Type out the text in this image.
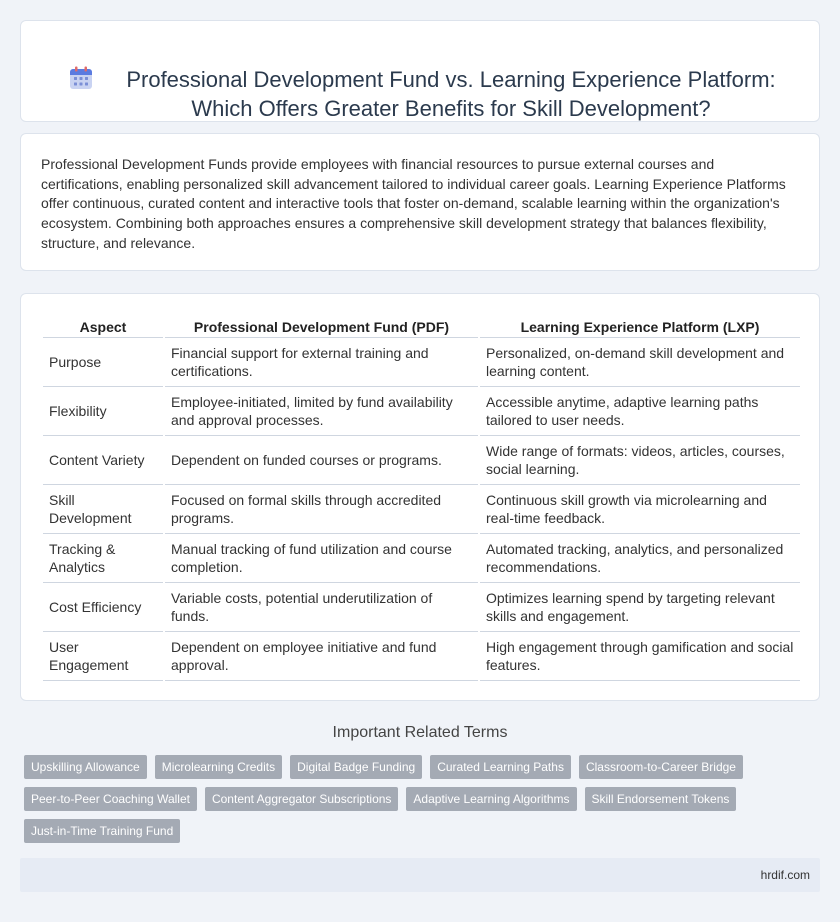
Professional Development Fund vs. Learning Experience Platform: Which Offers Greater Benefits for Skill Development?

Professional Development Funds provide employees with financial resources to pursue external courses and certifications, enabling personalized skill advancement tailored to individual career goals. Learning Experience Platforms offer continuous, curated content and interactive tools that foster on-demand, scalable learning within the organization's ecosystem. Combining both approaches ensures a comprehensive skill development strategy that balances flexibility, structure, and relevance.

Aspect	Professional Development Fund (PDF)	Learning Experience Platform (LXP)
Purpose	Financial support for external training and certifications.	Personalized, on-demand skill development and learning content.
Flexibility	Employee-initiated, limited by fund availability and approval processes.	Accessible anytime, adaptive learning paths tailored to user needs.
Content Variety	Dependent on funded courses or programs.	Wide range of formats: videos, articles, courses, social learning.
Skill Development	Focused on formal skills through accredited programs.	Continuous skill growth via microlearning and real-time feedback.
Tracking & Analytics	Manual tracking of fund utilization and course completion.	Automated tracking, analytics, and personalized recommendations.
Cost Efficiency	Variable costs, potential underutilization of funds.	Optimizes learning spend by targeting relevant skills and engagement.
User Engagement	Dependent on employee initiative and fund approval.	High engagement through gamification and social features.
Important Related Terms
Upskilling Allowance	Microlearning Credits	Digital Badge Funding	Curated Learning Paths	Classroom-to-Career Bridge
Peer-to-Peer Coaching Wallet	Content Aggregator Subscriptions	Adaptive Learning Algorithms	Skill Endorsement Tokens
Just-in-Time Training Fund
hrdif.com
